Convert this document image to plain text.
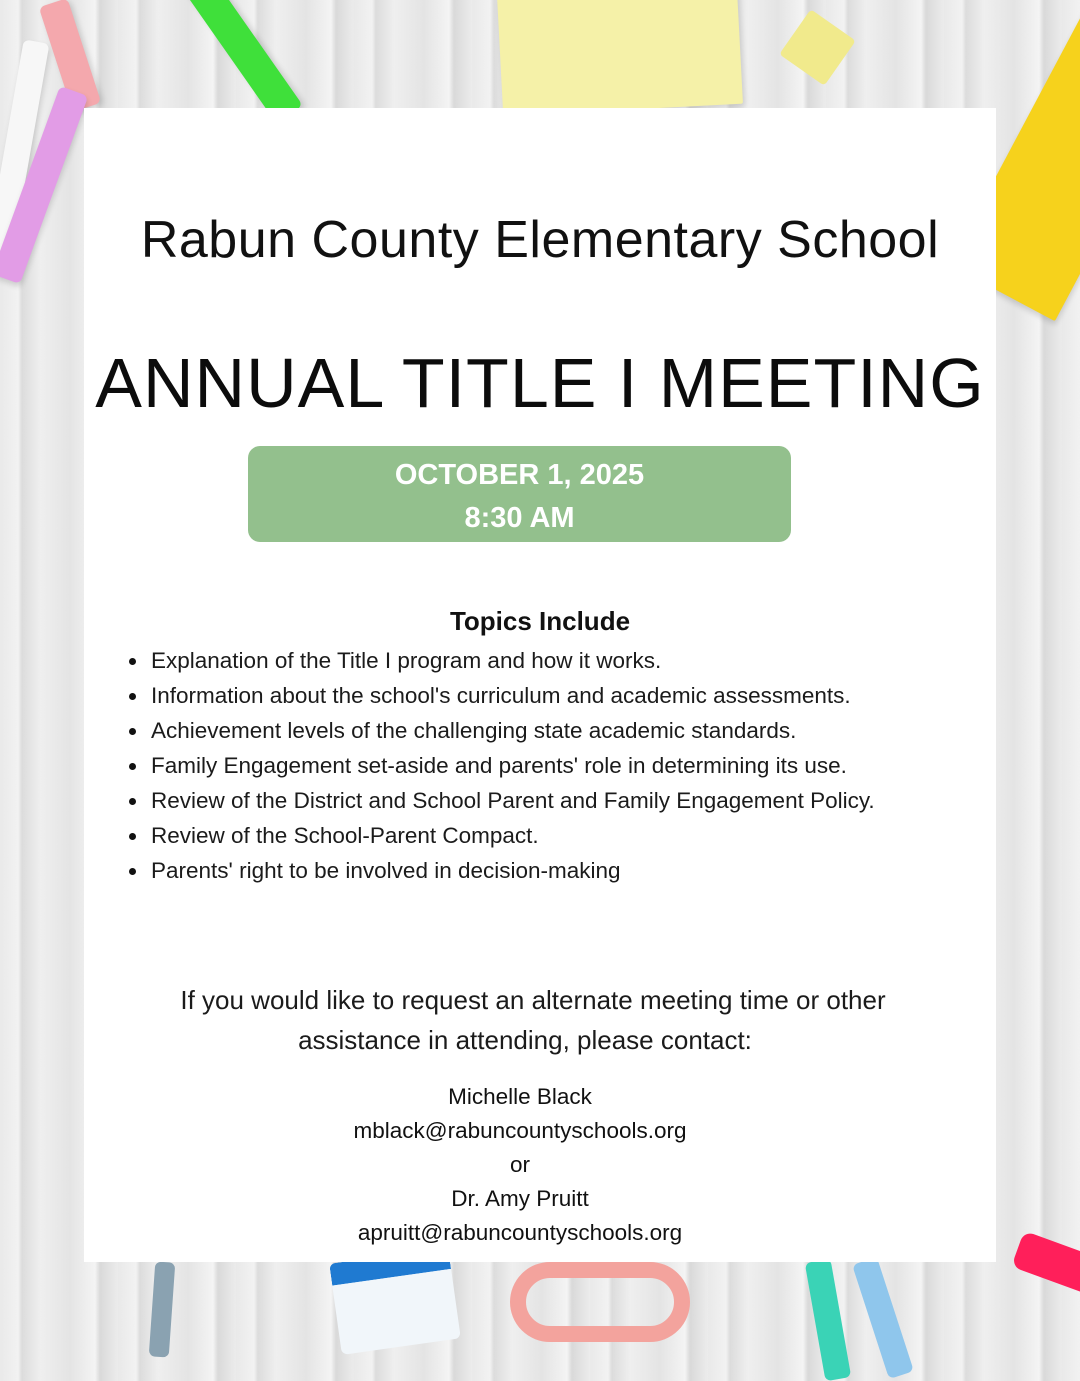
Rabun County Elementary School
ANNUAL TITLE I MEETING
OCTOBER 1, 2025
8:30 AM
Topics Include
Explanation of the Title I program and how it works.
Information about the school's curriculum and academic assessments.
Achievement levels of the challenging state academic standards.
Family Engagement set-aside and parents' role in determining its use.
Review of the District and School Parent and Family Engagement Policy.
Review of the School-Parent Compact.
Parents' right to be involved in decision-making
If you would like to request an alternate meeting time or other
assistance in attending, please contact:
Michelle Black
mblack@rabuncountyschools.org
or
Dr. Amy Pruitt
apruitt@rabuncountyschools.org
